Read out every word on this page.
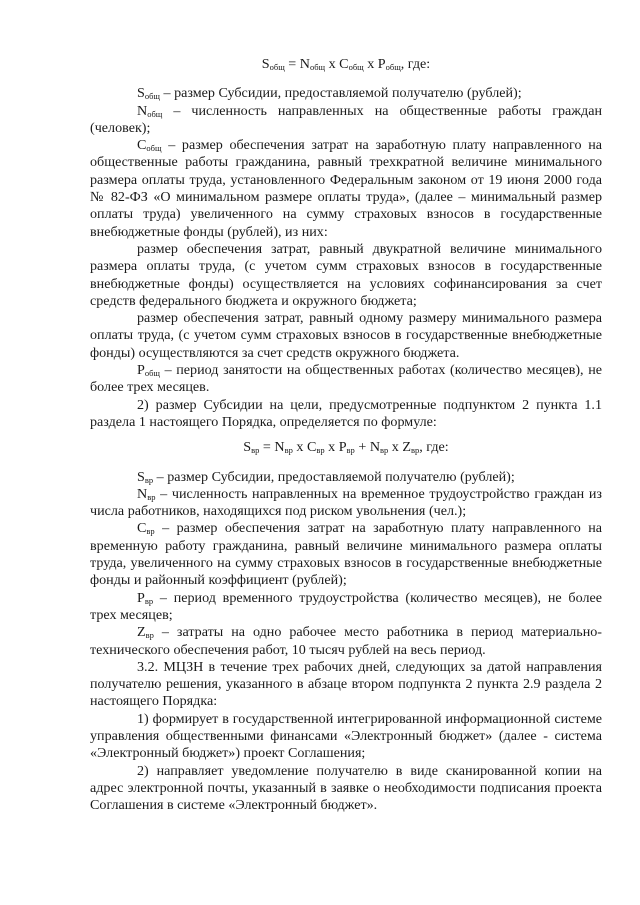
$S_{общ} = N_{общ}$ x $C_{общ}$ x $P_{общ}$, где:

$S_{общ}$ – размер Субсидии, предоставляемой получателю (рублей);

$N_{общ}$ – численность направленных на общественные работы граждан (человек);

$C_{общ}$ – размер обеспечения затрат на заработную плату направленного на общественные работы гражданина, равный трехкратной величине минимального размера оплаты труда, установленного Федеральным законом от 19 июня 2000 года № 82-ФЗ «О минимальном размере оплаты труда», (далее – минимальный размер оплаты труда) увеличенного на сумму страховых взносов в государственные внебюджетные фонды (рублей), из них:

размер обеспечения затрат, равный двукратной величине минимального размера оплаты труда, (с учетом сумм страховых взносов в государственные внебюджетные фонды) осуществляется на условиях софинансирования за счет средств федерального бюджета и окружного бюджета;

размер обеспечения затрат, равный одному размеру минимального размера оплаты труда, (с учетом сумм страховых взносов в государственные внебюджетные фонды) осуществляются за счет средств окружного бюджета.

$P_{общ}$ – период занятости на общественных работах (количество месяцев), не более трех месяцев.

2) размер Субсидии на цели, предусмотренные подпунктом 2 пункта 1.1 раздела 1 настоящего Порядка, определяется по формуле:

$S_{вр} = N_{вр}$ x $C_{вр}$ x $P_{вр} + N_{вр}$ x $Z_{вр}$, где:

$S_{вр}$ – размер Субсидии, предоставляемой получателю (рублей);

$N_{вр}$ – численность направленных на временное трудоустройство граждан из числа работников, находящихся под риском увольнения (чел.);

$C_{вр}$ – размер обеспечения затрат на заработную плату направленного на временную работу гражданина, равный величине минимального размера оплаты труда, увеличенного на сумму страховых взносов в государственные внебюджетные фонды и районный коэффициент (рублей);

$P_{вр}$ – период временного трудоустройства (количество месяцев), не более трех месяцев;

$Z_{вр}$ – затраты на одно рабочее место работника в период материально-технического обеспечения работ, 10 тысяч рублей на весь период.

3.2. МЦЗН в течение трех рабочих дней, следующих за датой направления получателю решения, указанного в абзаце втором подпункта 2 пункта 2.9 раздела 2 настоящего Порядка:

1) формирует в государственной интегрированной информационной системе управления общественными финансами «Электронный бюджет» (далее - система «Электронный бюджет») проект Соглашения;

2) направляет уведомление получателю в виде сканированной копии на адрес электронной почты, указанный в заявке о необходимости подписания проекта Соглашения в системе «Электронный бюджет».
